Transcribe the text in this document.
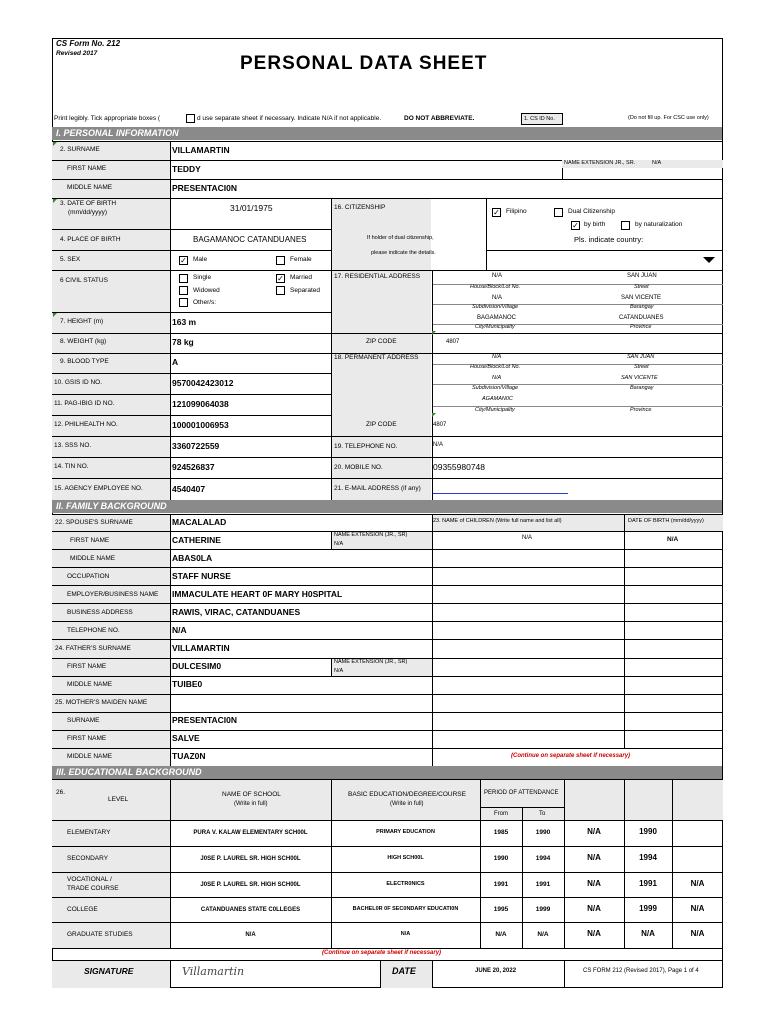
CS Form No. 212
Revised 2017	PERSONAL DATA SHEET
Print legibly. Tick appropriate boxes (	d use separate sheet if necessary. Indicate N/A if not applicable.	DO NOT ABBREVIATE.	1. CS ID No.	(Do not fill up. For CSC use only)
I. PERSONAL INFORMATION
2. SURNAME	VILLAMARTIN
FIRST NAME	TEDDY
NAME EXTENSION JR., SR.	N/A
MIDDLE NAME	PRESENTACI0N
3. DATE OF BIRTH
(mm/dd/yyyy)	31/01/1975
4. PLACE OF BIRTH	BAGAMANOC CATANDUANES
5. SEX	✓ Male	Female
6 CIVIL STATUS	Single	✓ Married
Widowed	Separated
Other/s:
7. HEIGHT (m)	163 m
8. WEIGHT (kg)	78 kg
9. BLOOD TYPE	A
10. GSIS ID NO.	9570042423012
11. PAG-IBIG ID NO.	121099064038
12. PHILHEALTH NO.	100001006953
13. SSS NO.	3360722559
14. TIN NO.	924526837
15. AGENCY EMPLOYEE NO.	4540407
16. CITIZENSHIP
✓ Filipino	Dual Citizenship
✓ by birth	by naturalization
If holder of dual citizenship,
please indicate the details.
Pls. indicate country:
17. RESIDENTIAL ADDRESS	N/A	SAN JUAN
House/Block/Lot No.	Street
N/A	SAN VICENTE
Subdivision/Village	Barangay
BAGAMANOC	CATANDUANES
City/Municipality	Province
ZIP CODE	4807
18. PERMANENT ADDRESS	N/A	SAN JUAN
House/Block/Lot No.	Street
N/A	SAN VICENTE
Subdivision/Village	Barangay
AGAMAN0C
City/Municipality	Province
ZIP CODE	4807
19. TELEPHONE NO.	N/A
20. MOBILE NO.	09355980748
21. E-MAIL ADDRESS (if any)
II. FAMILY BACKGROUND
22. SPOUSE'S SURNAME	MACALALAD
FIRST NAME	CATHERINE	NAME EXTENSION (JR., SR)
N/A
MIDDLE NAME	ABAS0LA
OCCUPATION	STAFF NURSE
EMPLOYER/BUSINESS NAME IMMACULATE HEART 0F MARY H0SPITAL
BUSINESS ADDRESS	RAWIS, VIRAC, CATANDUANES
TELEPHONE NO.	N/A
23. NAME of CHILDREN (Write full name and list all)	DATE OF BIRTH (mm/dd/yyyy)
N/A	N/A
24. FATHER'S SURNAME	VILLAMARTIN
FIRST NAME	DULCESIM0	NAME EXTENSION (JR., SR)
N/A
MIDDLE NAME	TUIBE0
25. MOTHER'S MAIDEN NAME
SURNAME	PRESENTACI0N
FIRST NAME	SALVE
MIDDLE NAME	TUAZ0N	(Continue on separate sheet if necessary)
III. EDUCATIONAL BACKGROUND
26.
LEVEL
NAME OF SCHOOL
(Write in full)
BASIC EDUCATION/DEGREE/COURSE
(Write in full)
PERIOD OF ATTENDANCE
From	To
ELEMENTARY	PURA V. KALAW ELEMENTARY SCH00L	PRIMARY EDUCATION	1985	1990	N/A	1990
SECONDARY	J0SE P. LAUREL SR. HIGH SCH00L	HIGH SCH00L	1990	1994	N/A	1994
VOCATIONAL /
TRADE COURSE	J0SE P. LAUREL SR. HIGH SCH00L	ELECTR0NICS	1991	1991	N/A	1991	N/A
COLLEGE	CATANDUANES STATE C0LLEGES	BACHEL0R 0F SEC0NDARY EDUCATI0N	1995	1999	N/A	1999	N/A
GRADUATE STUDIES	N/A	N/A	N/A	N/A	N/A	N/A	N/A
(Continue on separate sheet if necessary)
SIGNATURE	Villamartin	DATE	JUNE 20, 2022	CS FORM 212 (Revised 2017), Page 1 of 4
